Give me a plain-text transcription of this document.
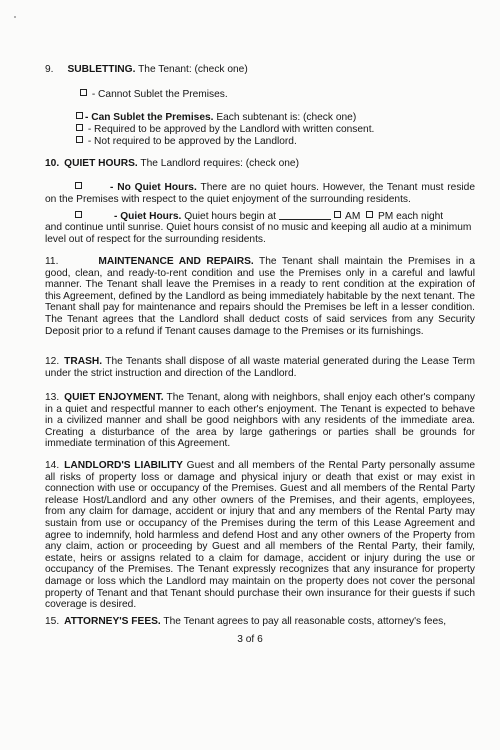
9. SUBLETTING. The Tenant: (check one)
- Cannot Sublet the Premises.
- Can Sublet the Premises. Each subtenant is: (check one)
- Required to be approved by the Landlord with written consent.
- Not required to be approved by the Landlord.
10. QUIET HOURS. The Landlord requires: (check one)
- No Quiet Hours. There are no quiet hours. However, the Tenant must reside on the Premises with respect to the quiet enjoyment of the surrounding residents.
- Quiet Hours. Quiet hours begin at	AM  PM each night
and continue until sunrise. Quiet hours consist of no music and keeping all audio at a minimum level out of respect for the surrounding residents.
11.	MAINTENANCE AND REPAIRS. The Tenant shall maintain the Premises in a good, clean, and ready-to-rent condition and use the Premises only in a careful and lawful manner. The Tenant shall leave the Premises in a ready to rent condition at the expiration of this Agreement, defined by the Landlord as being immediately habitable by the next tenant. The Tenant shall pay for maintenance and repairs should the Premises be left in a lesser condition. The Tenant agrees that the Landlord shall deduct costs of said services from any Security Deposit prior to a refund if Tenant causes damage to the Premises or its furnishings.
12. TRASH. The Tenants shall dispose of all waste material generated during the Lease Term under the strict instruction and direction of the Landlord.
13. QUIET ENJOYMENT. The Tenant, along with neighbors, shall enjoy each other's company in a quiet and respectful manner to each other's enjoyment. The Tenant is expected to behave in a civilized manner and shall be good neighbors with any residents of the immediate area. Creating a disturbance of the area by large gatherings or parties shall be grounds for immediate termination of this Agreement.
14. LANDLORD'S LIABILITY Guest and all members of the Rental Party personally assume all risks of property loss or damage and physical injury or death that exist or may exist in connection with use or occupancy of the Premises. Guest and all members of the Rental Party release Host/Landlord and any other owners of the Premises, and their agents, employees, from any claim for damage, accident or injury that and any members of the Rental Party may sustain from use or occupancy of the Premises during the term of this Lease Agreement and agree to indemnify, hold harmless and defend Host and any other owners of the Property from any claim, action or proceeding by Guest and all members of the Rental Party, their family, estate, heirs or assigns related to a claim for damage, accident or injury during the use or occupancy of the Premises. The Tenant expressly recognizes that any insurance for property damage or loss which the Landlord may maintain on the property does not cover the personal property of Tenant and that Tenant should purchase their own insurance for their guests if such coverage is desired.
15. ATTORNEY'S FEES. The Tenant agrees to pay all reasonable costs, attorney's fees,
3 of 6
